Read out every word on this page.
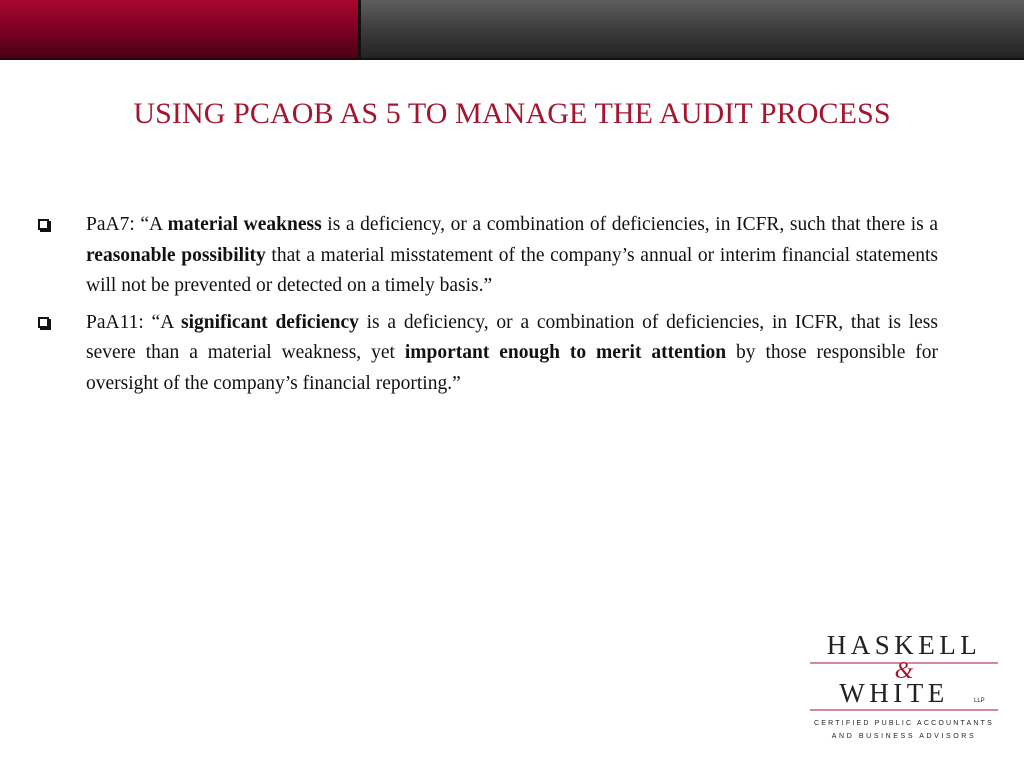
USING PCAOB AS 5 TO MANAGE THE AUDIT PROCESS
PaA7: “A material weakness is a deficiency, or a combination of deficiencies, in ICFR, such that there is a reasonable possibility that a material misstatement of the company’s annual or interim financial statements will not be prevented or detected on a timely basis.”
PaA11: “A significant deficiency is a deficiency, or a combination of deficiencies, in ICFR, that is less severe than a material weakness, yet important enough to merit attention by those responsible for oversight of the company’s financial reporting.”
HASKELL
&
WHITE	LLP
CERTIFIED PUBLIC ACCOUNTANTS
AND BUSINESS ADVISORS
